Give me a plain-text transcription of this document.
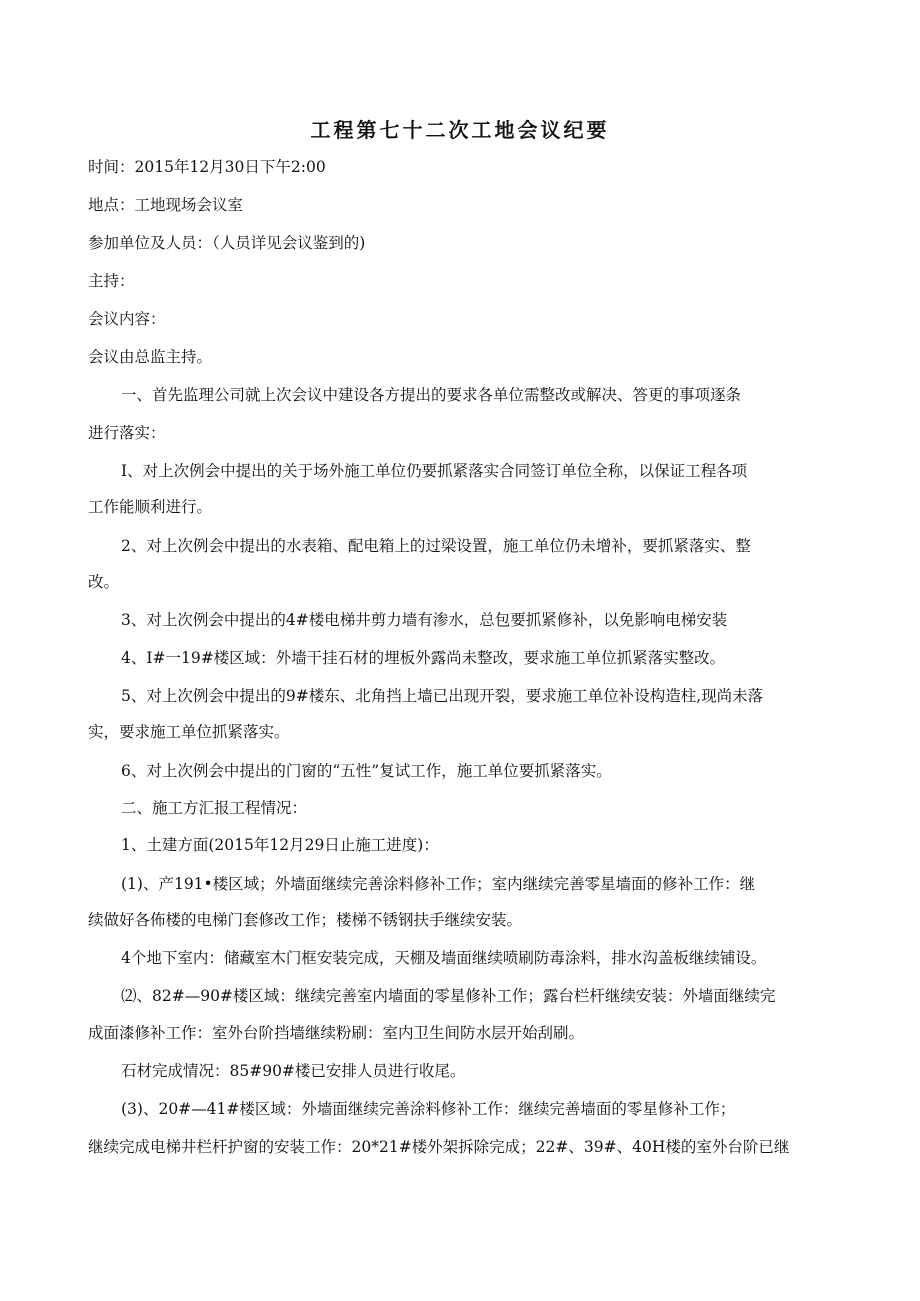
工程第七十二次工地会议纪要
时间：2015年12月30日下午2:00
地点：工地现场会议室
参加单位及人员：（人员详见会议鉴到的)
主持：
会议内容：
会议由总监主持。
一、首先监理公司就上次会议中建设各方提出的要求各单位需整改或解决、答更的事项逐条
进行落实：
I、对上次例会中提出的关于场外施工单位仍要抓紧落实合同签订单位全称，以保证工程各项
工作能顺利进行。
2、对上次例会中提出的水表箱、配电箱上的过梁设置，施工单位仍未增补，要抓紧落实、整
改。
3、对上次例会中提出的4#楼电梯井剪力墙有渗水，总包要抓紧修补，以免影响电梯安装
4、I#一19#楼区域：外墙干挂石材的埋板外露尚未整改，要求施工单位抓紧落实整改。
5、对上次例会中提出的9#楼东、北角挡上墙已出现开裂，要求施工单位补设构造柱,现尚未落
实，要求施工单位抓紧落实。
6、对上次例会中提出的门窗的“五性”复试工作，施工单位要抓紧落实。
二、施工方汇报工程情况：
1、土建方面(2015年12月29日止施工进度)：
(1)、产191•楼区域；外墙面继续完善涂料修补工作；室内继续完善零星墙面的修补工作：继
续做好各佈楼的电梯门套修改工作；楼梯不锈钢扶手继续安装。
4个地下室内：储藏室木门框安装完成，天棚及墙面继续喷刷防毒涂料，排水沟盖板继续铺设。
⑵、82#—90#楼区域：继续完善室内墙面的零星修补工作；露台栏杆继续安装：外墙面继续完
成面漆修补工作：室外台阶挡墙继续粉刷：室内卫生间防水层开始刮刷。
石材完成情况：85#90#楼已安排人员进行收尾。
(3)、20#—41#楼区域：外墙面继续完善涂料修补工作：继续完善墙面的零星修补工作；
继续完成电梯井栏杆护窗的安装工作：20*21#楼外架拆除完成；22#、39#、40H楼的室外台阶已继
